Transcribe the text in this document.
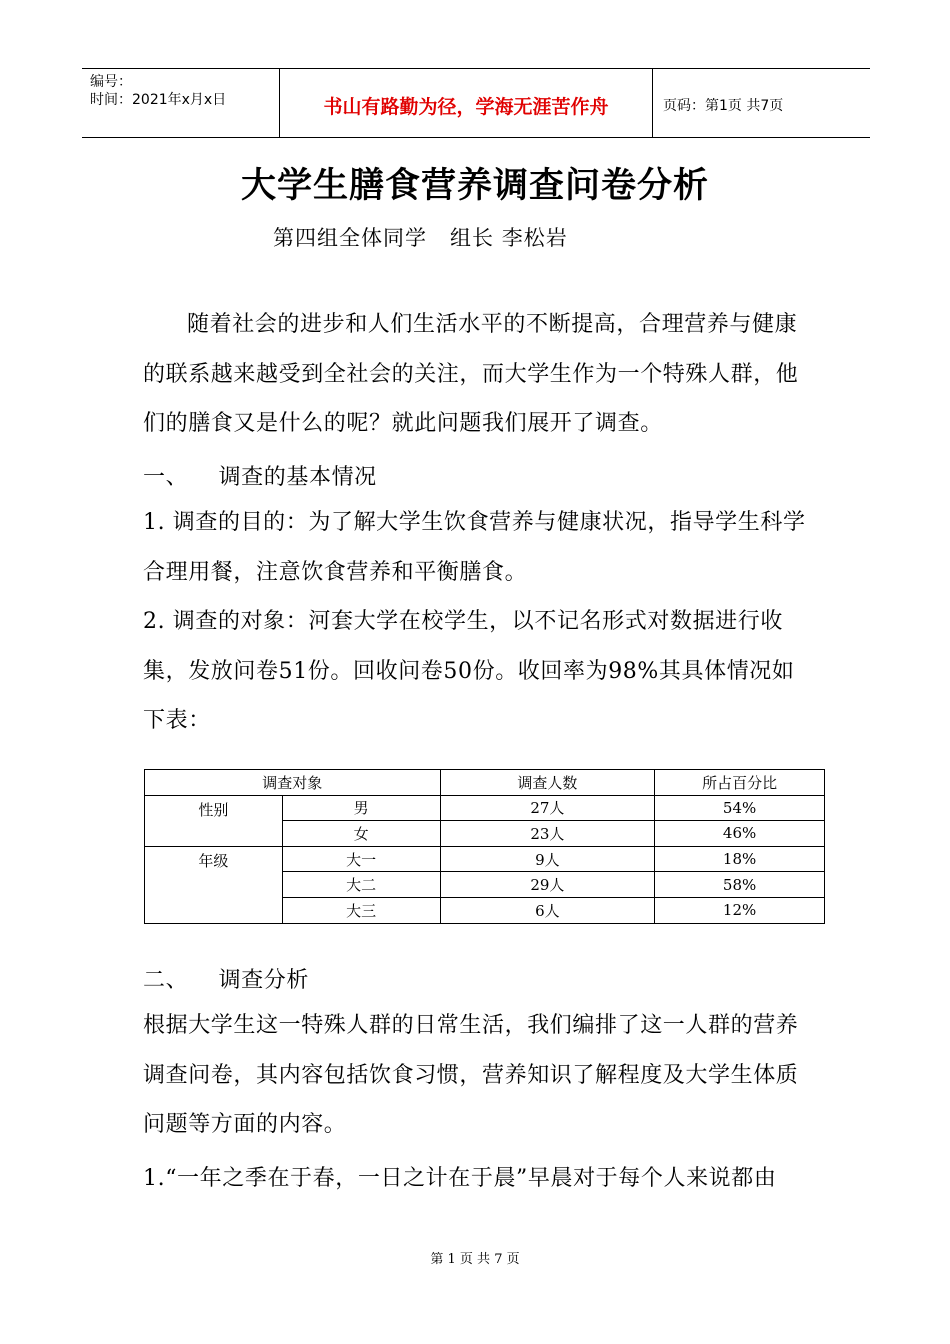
编号：
时间：2021年x月x日	书山有路勤为径，学海无涯苦作舟	页码：第1页 共7页
大学生膳食营养调查问卷分析
第四组全体同学   组长 李松岩

随着社会的进步和人们生活水平的不断提高，合理营养与健康的联系越来越受到全社会的关注，而大学生作为一个特殊人群，他们的膳食又是什么的呢？就此问题我们展开了调查。

一、    调查的基本情况

1. 调查的目的：为了解大学生饮食营养与健康状况，指导学生科学合理用餐，注意饮食营养和平衡膳食。

2. 调查的对象：河套大学在校学生，以不记名形式对数据进行收集，发放问卷51份。回收问卷50份。收回率为98%其具体情况如下表：

调查对象		调查人数	所占百分比
性别	男	27人	54%
	女	23人	46%
年级	大一	9人	18%
	大二	29人	58%
	大三	6人	12%
二、    调查分析

根据大学生这一特殊人群的日常生活，我们编排了这一人群的营养调查问卷，其内容包括饮食习惯，营养知识了解程度及大学生体质问题等方面的内容。

1.“一年之季在于春，一日之计在于晨”早晨对于每个人来说都由
第 1 页 共 7 页
